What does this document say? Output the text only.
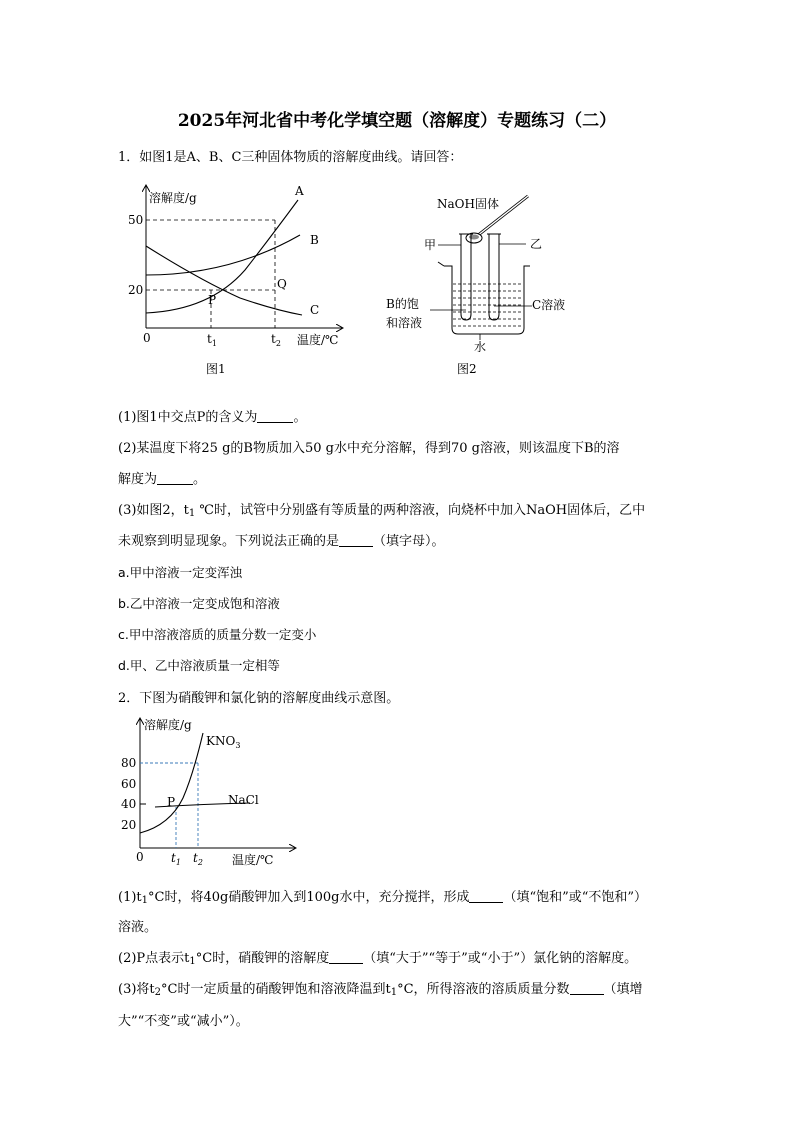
2025年河北省中考化学填空题（溶解度）专题练习（二）
1．如图1是A、B、C三种固体物质的溶解度曲线。请回答：
溶解度/g
50
20
0	$t_1$	$t_2$ 温度/℃
A
B
C
P
Q
图1
NaOH固体
甲	乙
B的饱
和溶液
C溶液
水
图2
(1)图1中交点P的含义为	。
(2)某温度下将25 g的B物质加入50 g水中充分溶解，得到70 g溶液，则该温度下B的溶
解度为	。
(3)如图2，$t_1$ ℃时，试管中分别盛有等质量的两种溶液，向烧杯中加入NaOH固体后，乙中
未观察到明显现象。下列说法正确的是	（填字母）。
a.甲中溶液一定变浑浊
b.乙中溶液一定变成饱和溶液
c.甲中溶液溶质的质量分数一定变小
d.甲、乙中溶液质量一定相等
2．下图为硝酸钾和氯化钠的溶解度曲线示意图。
溶解度/g
$KNO_3$
NaCl
80
60
40
20
P
0 $t_1$ $t_2$ 温度/℃
$(1)t_1^\circ C$时，将40g硝酸钾加入到100g水中，充分搅拌，形成	（填“饱和”或“不饱和”）
溶液。
(2)P点表示$t_1^\circ C$时，硝酸钾的溶解度	（填“大于”“等于”或“小于”）氯化钠的溶解度。
(3)将$t_2^\circ C$时一定质量的硝酸钾饱和溶液降温到$t_1^\circ C$，所得溶液的溶质质量分数	（填增
大”“不变”或“减小”）。
